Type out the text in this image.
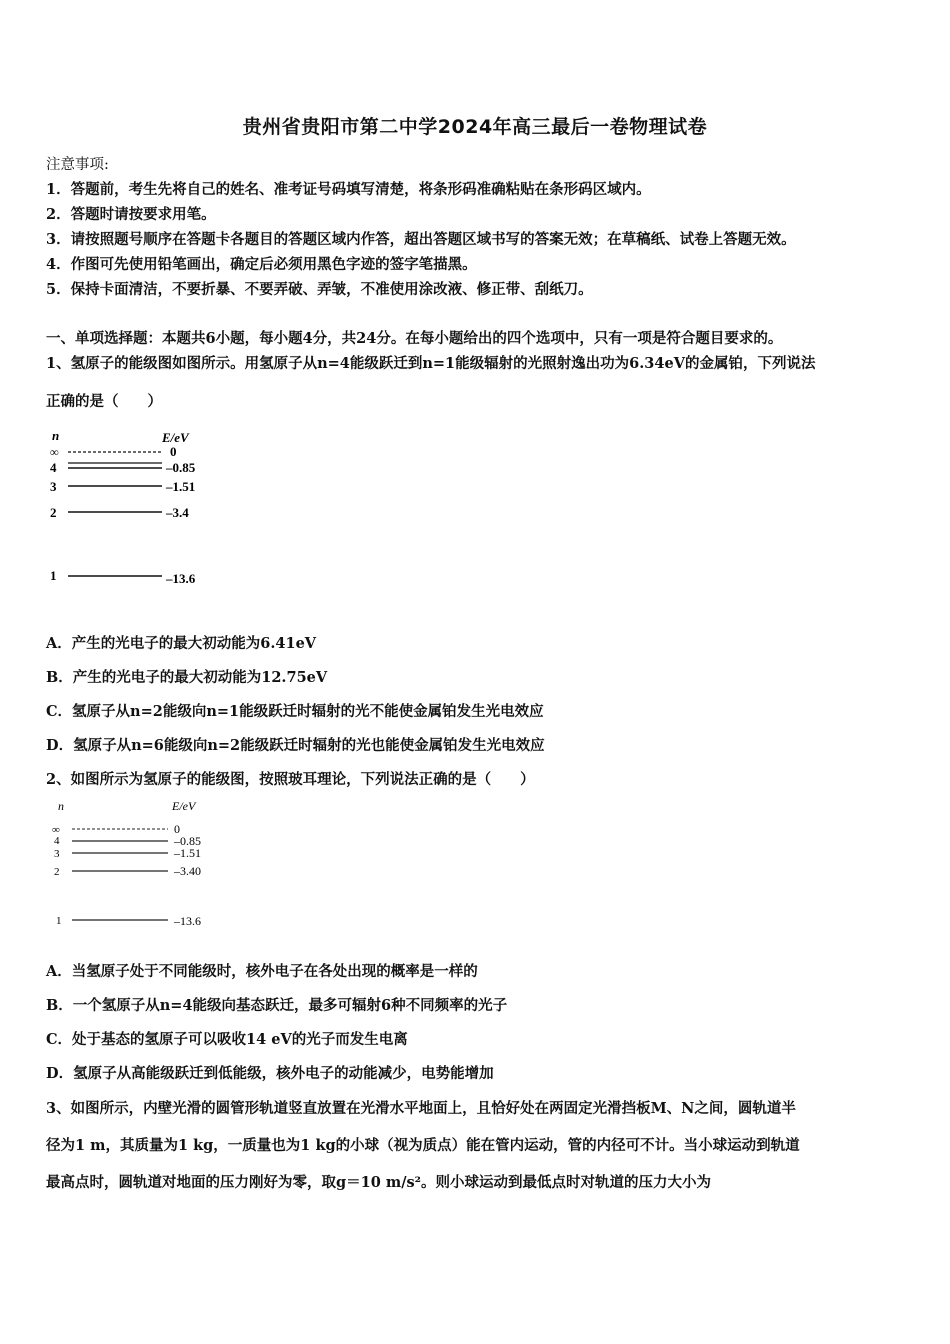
贵州省贵阳市第二中学2024年高三最后一卷物理试卷
注意事项:
1．答题前，考生先将自己的姓名、准考证号码填写清楚，将条形码准确粘贴在条形码区域内。
2．答题时请按要求用笔。
3．请按照题号顺序在答题卡各题目的答题区域内作答，超出答题区域书写的答案无效；在草稿纸、试卷上答题无效。
4．作图可先使用铅笔画出，确定后必须用黑色字迹的签字笔描黑。
5．保持卡面清洁，不要折暴、不要弄破、弄皱，不准使用涂改液、修正带、刮纸刀。
一、单项选择题：本题共6小题，每小题4分，共24分。在每小题给出的四个选项中，只有一项是符合题目要求的。
1、氢原子的能级图如图所示。用氢原子从n=4能级跃迁到n=1能级辐射的光照射逸出功为6.34eV的金属铂，下列说法
正确的是（　　）
n	E/eV
∞	0
4	–0.85
3	–1.51
2	–3.4
1	–13.6
A．产生的光电子的最大初动能为6.41eV
B．产生的光电子的最大初动能为12.75eV
C．氢原子从n=2能级向n=1能级跃迁时辐射的光不能使金属铂发生光电效应
D．氢原子从n=6能级向n=2能级跃迁时辐射的光也能使金属铂发生光电效应
2、如图所示为氢原子的能级图，按照玻耳理论，下列说法正确的是（　　）
n	E/eV
∞	0
4	–0.85
3	–1.51
2	–3.40
1	–13.6
A．当氢原子处于不同能级时，核外电子在各处出现的概率是一样的
B．一个氢原子从n=4能级向基态跃迁，最多可辐射6种不同频率的光子
C．处于基态的氢原子可以吸收14 eV的光子而发生电离
D．氢原子从高能级跃迁到低能级，核外电子的动能减少，电势能增加
3、如图所示，内壁光滑的圆管形轨道竖直放置在光滑水平地面上，且恰好处在两固定光滑挡板M、N之间，圆轨道半
径为1 m，其质量为1 kg，一质量也为1 kg的小球（视为质点）能在管内运动，管的内径可不计。当小球运动到轨道
最高点时，圆轨道对地面的压力刚好为零，取g＝10 m/s²。则小球运动到最低点时对轨道的压力大小为
